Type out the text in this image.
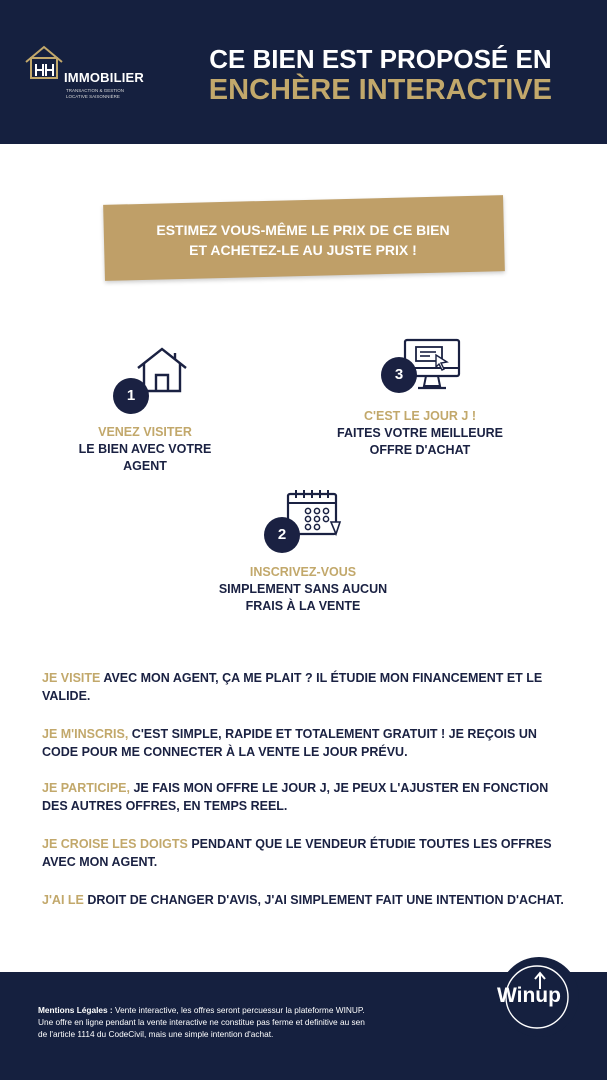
IMMOBILIER
TRANSACTION & GESTION LOCATIVE SAISONNIÈRE
CE BIEN EST PROPOSÉ EN
ENCHÈRE INTERACTIVE
ESTIMEZ VOUS-MÊME LE PRIX DE CE BIEN
ET ACHETEZ-LE AU JUSTE PRIX !
1
VENEZ VISITER
LE BIEN AVEC VOTRE
AGENT
3
C'EST LE JOUR J !
FAITES VOTRE MEILLEURE
OFFRE D'ACHAT
2
INSCRIVEZ-VOUS
SIMPLEMENT SANS AUCUN
FRAIS À LA VENTE
JE VISITE AVEC MON AGENT, ÇA ME PLAIT ? IL ÉTUDIE MON FINANCEMENT ET LE VALIDE.
JE M'INSCRIS, C'EST SIMPLE, RAPIDE ET TOTALEMENT GRATUIT ! JE REÇOIS UN CODE POUR ME CONNECTER À LA VENTE LE JOUR PRÉVU.
JE PARTICIPE, JE FAIS MON OFFRE LE JOUR J, JE PEUX L'AJUSTER EN FONCTION DES AUTRES OFFRES, EN TEMPS REEL.
JE CROISE LES DOIGTS PENDANT QUE LE VENDEUR ÉTUDIE TOUTES LES OFFRES AVEC MON AGENT.
J'AI LE DROIT DE CHANGER D'AVIS, J'AI SIMPLEMENT FAIT UNE INTENTION D'ACHAT.
Mentions Légales : Vente interactive, les offres seront percuessur la plateforme WINUP.
Une offre en ligne pendant la vente interactive ne constitue pas ferme et definitive au sen
de l'article 1114 du CodeCivil, mais une simple intention d'achat.
Winup
